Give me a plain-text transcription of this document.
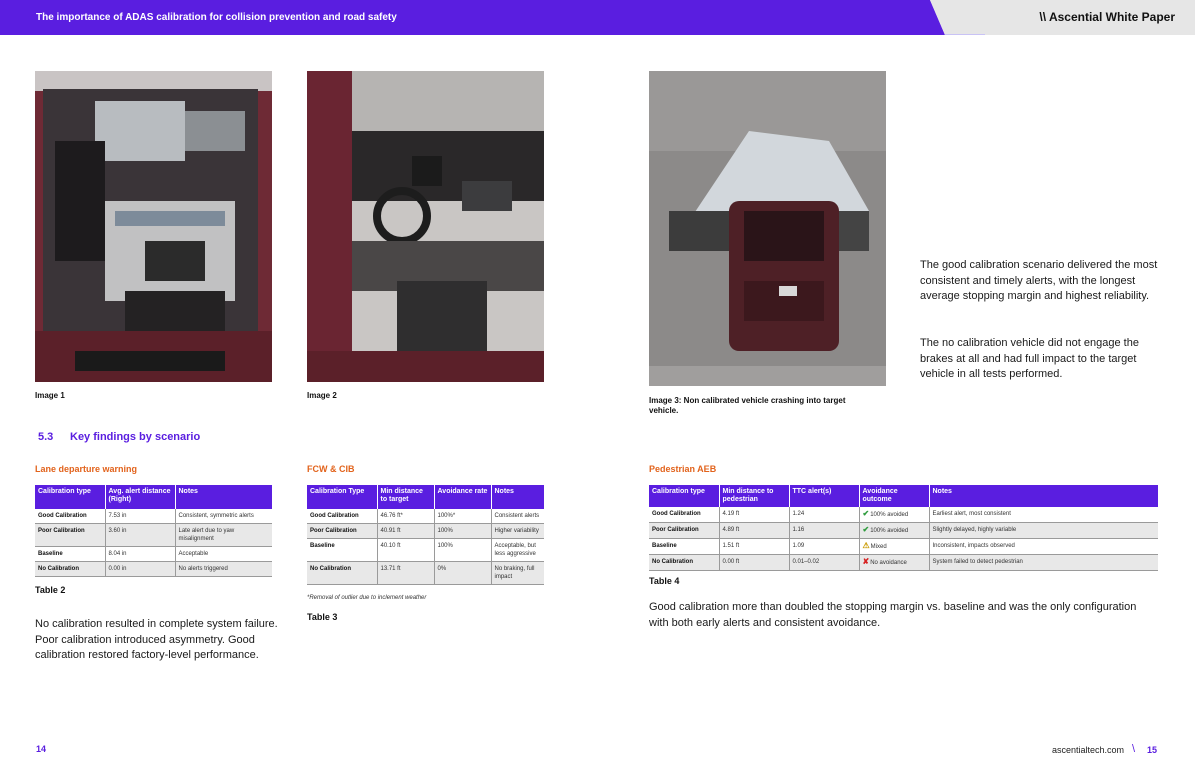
The importance of ADAS calibration for collision prevention and road safety	\\ Ascential White Paper
Image 1	Image 2
Image 3: Non calibrated vehicle crashing into target vehicle.
The good calibration scenario delivered the most consistent and timely alerts, with the longest average stopping margin and highest reliability.
The no calibration vehicle did not engage the brakes at all and had full impact to the target vehicle in all tests performed.
5.3 Key findings by scenario
Lane departure warning
Calibration type	Avg. alert distance (Right)	Notes
Good Calibration	7.53 in	Consistent, symmetric alerts
Poor Calibration	3.60 in	Late alert due to yaw misalignment
Baseline	8.04 in	Acceptable
No Calibration	0.00 in	No alerts triggered
Table 2
No calibration resulted in complete system failure. Poor calibration introduced asymmetry. Good calibration restored factory-level performance.
FCW & CIB
Calibration Type	Min distance to target	Avoidance rate	Notes
Good Calibration	46.76 ft*	100%*	Consistent alerts
Poor Calibration	40.91 ft	100%	Higher variability
Baseline	40.10 ft	100%	Acceptable, but less aggressive
No Calibration	13.71 ft	0%	No braking, full impact
*Removal of outlier due to inclement weather
Table 3
Pedestrian AEB
Calibration type	Min distance to pedestrian	TTC alert(s)	Avoidance outcome	Notes
Good Calibration	4.19 ft	1.24	✔100% avoided	Earliest alert, most consistent
Poor Calibration	4.89 ft	1.16	✔100% avoided	Slightly delayed, highly variable
Baseline	1.51 ft	1.09	⚠Mixed	Inconsistent, impacts observed
No Calibration	0.00 ft	0.01–0.02	✘No avoidance	System failed to detect pedestrian
Table 4
Good calibration more than doubled the stopping margin vs. baseline and was the only configuration with both early alerts and consistent avoidance.
14	ascentialtech.com \ 15
